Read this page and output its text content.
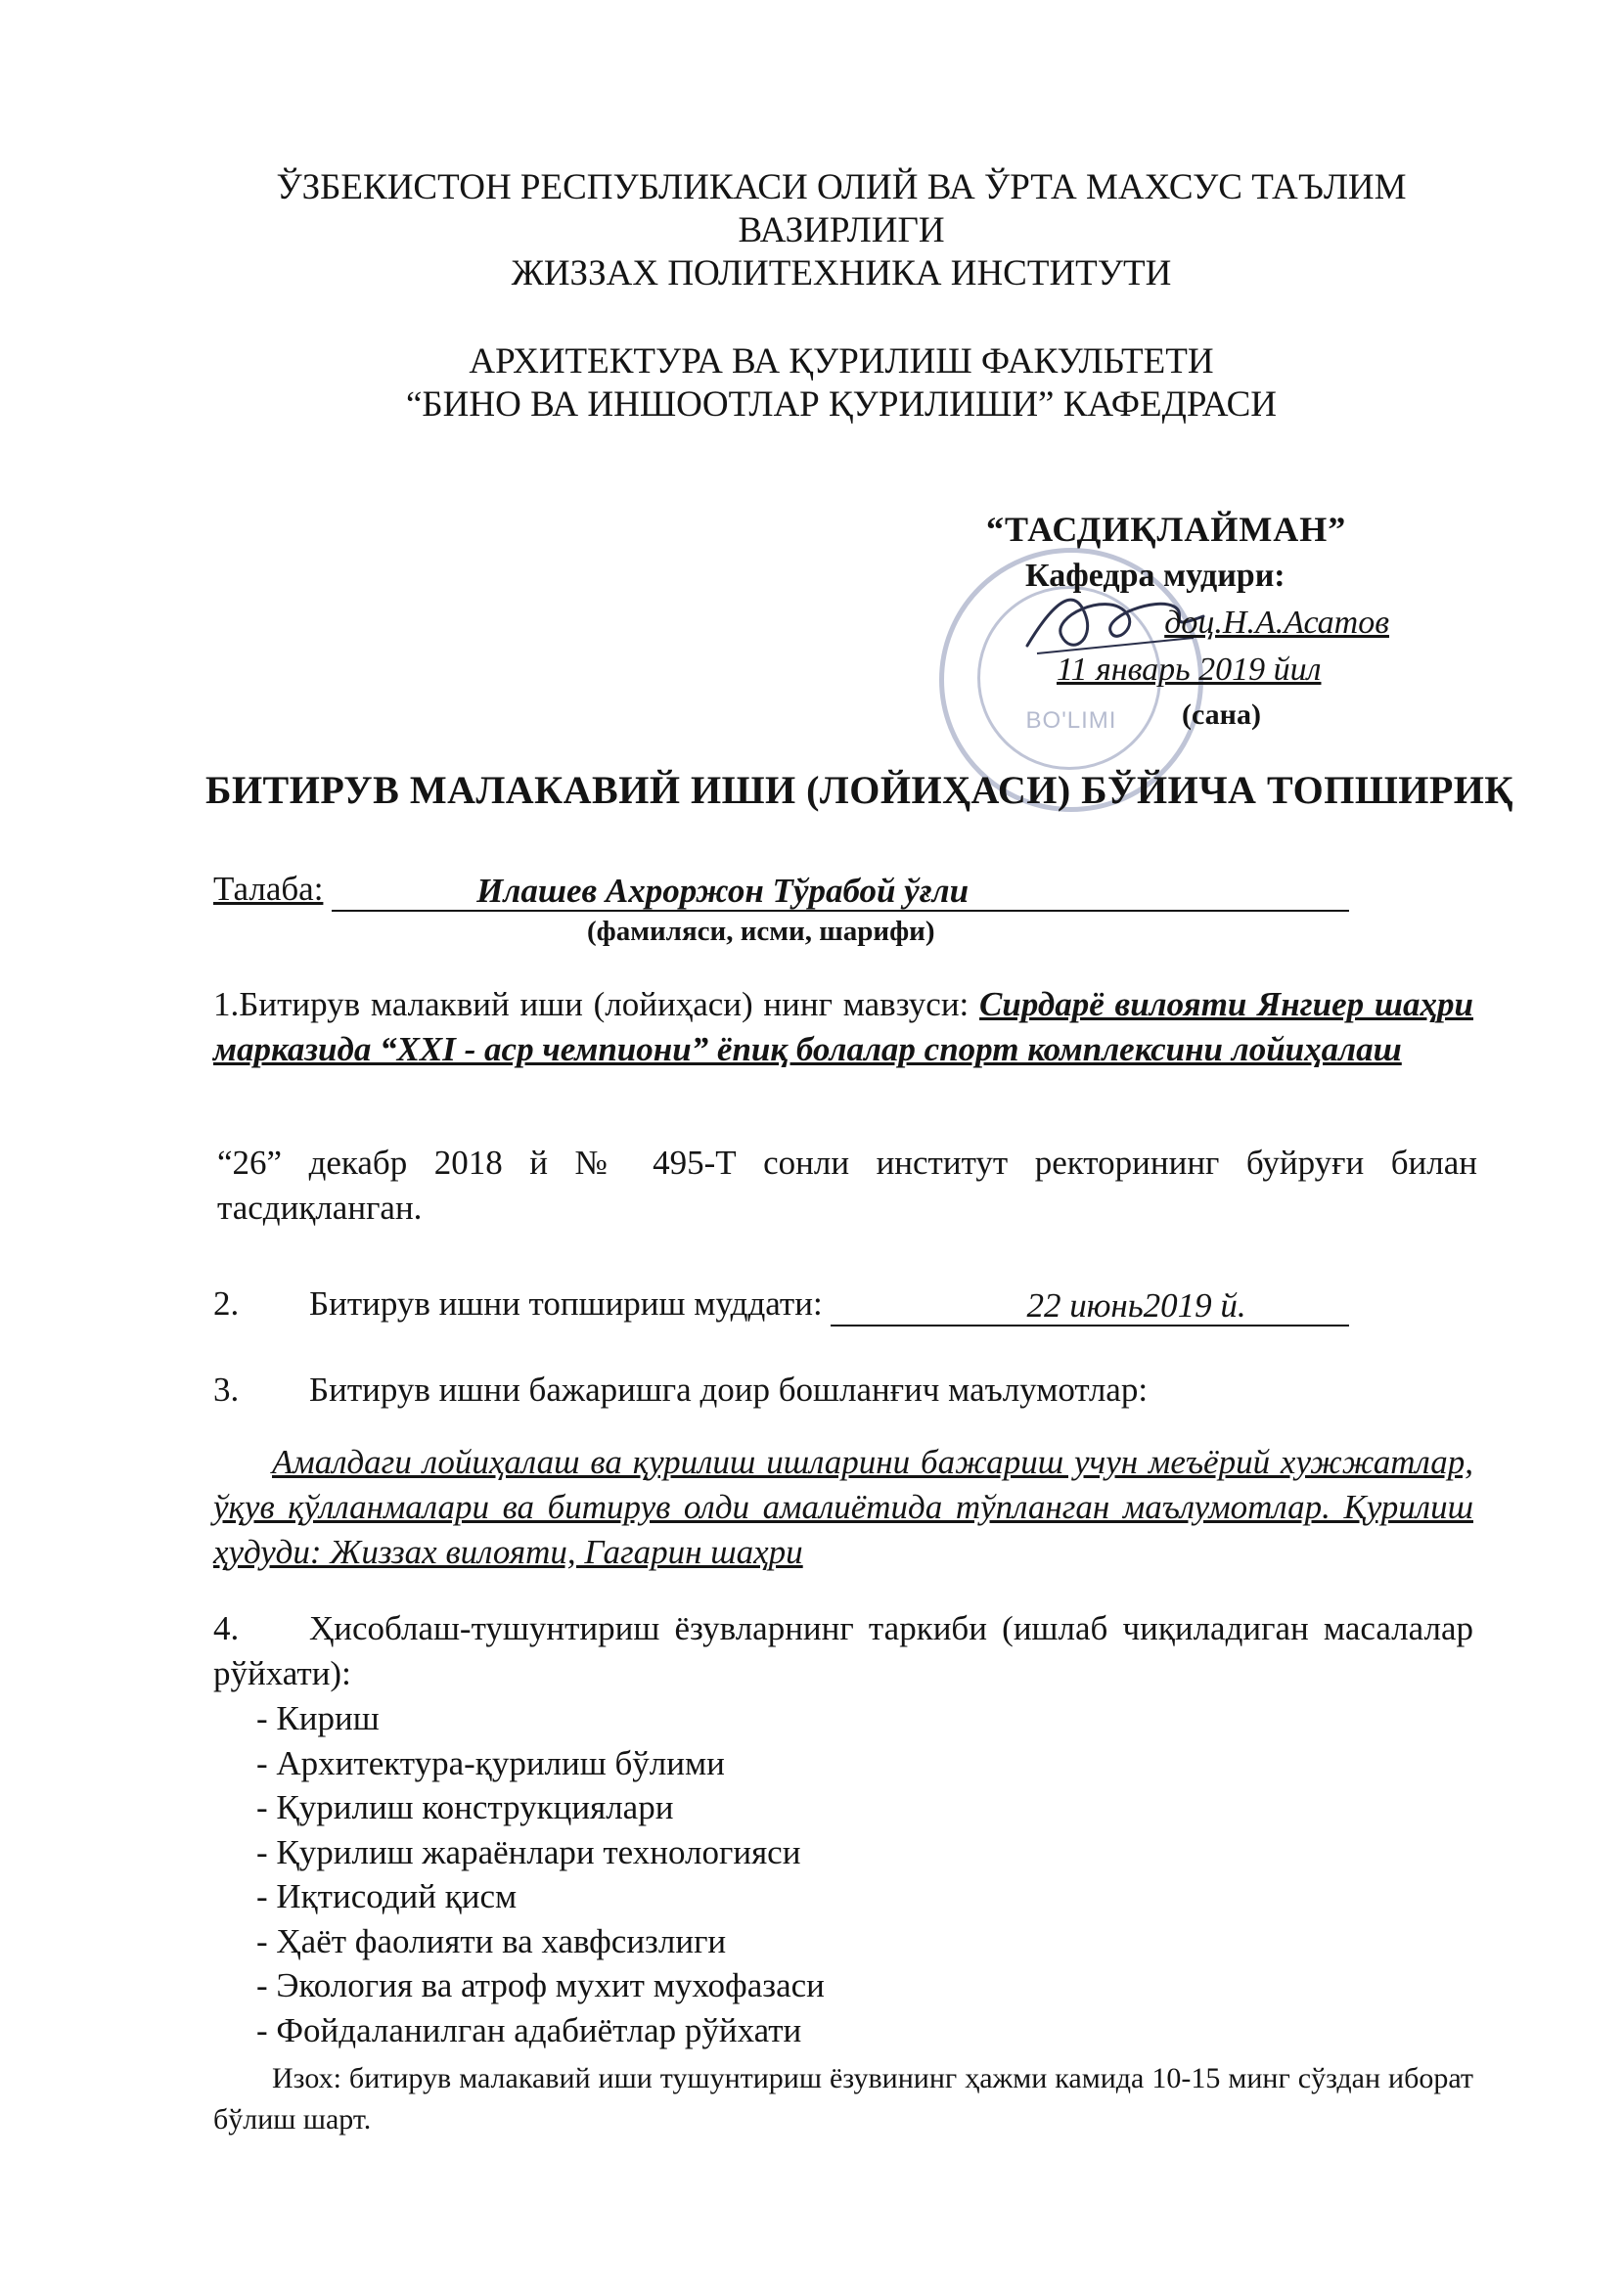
ЎЗБЕКИСТОН РЕСПУБЛИКАСИ ОЛИЙ ВА ЎРТА МАХСУС ТАЪЛИМ
ВАЗИРЛИГИ
ЖИЗЗАХ ПОЛИТЕХНИКА ИНСТИТУТИ
АРХИТЕКТУРА ВА ҚУРИЛИШ ФАКУЛЬТЕТИ
“БИНО ВА ИНШООТЛАР ҚУРИЛИШИ” КАФЕДРАСИ
BO'LIMI
“ТАСДИҚЛАЙМАН”
Кафедра мудири:
доц.Н.А.Асатов
11 январь 2019 йил
(сана)
БИТИРУВ МАЛАКАВИЙ ИШИ (ЛОЙИҲАСИ) БЎЙИЧА ТОПШИРИҚ
Талаба:	Илашев Ахроржон Тўрабой ўғли
(фамиляси, исми, шарифи)
1.Битирув малаквий иши (лойиҳаси) нинг мавзуси: Сирдарё вилояти Янгиер шаҳри марказида “XXI - аср чемпиони” ёпиқ болалар спорт комплексини лойиҳалаш
“26” декабр 2018 й № 495-Т сонли институт ректорининг буйруғи билан тасдиқланган.
2. Битирув ишни топшириш муддати:	22 июнь2019 й.
3. Битирув ишни бажаришга доир бошланғич маълумотлар:
Амалдаги лойиҳалаш ва қурилиш ишларини бажариш учун меъёрий хужжатлар, ўқув қўлланмалари ва битирув олди амалиётида тўпланган маълумотлар. Қурилиш ҳудуди: Жиззах вилояти, Гагарин шаҳри
4. Ҳисоблаш-тушунтириш ёзувларнинг таркиби (ишлаб чиқиладиган масалалар рўйхати):
- Кириш
- Архитектура-қурилиш бўлими
- Қурилиш конструкциялари
- Қурилиш жараёнлари технологияси
- Иқтисодий қисм
- Ҳаёт фаолияти ва хавфсизлиги
- Экология ва атроф мухит мухофазаси
- Фойдаланилган адабиётлар рўйхати
Изох: битирув малакавий иши тушунтириш ёзувининг ҳажми камида 10-15 минг сўздан иборат бўлиш шарт.
